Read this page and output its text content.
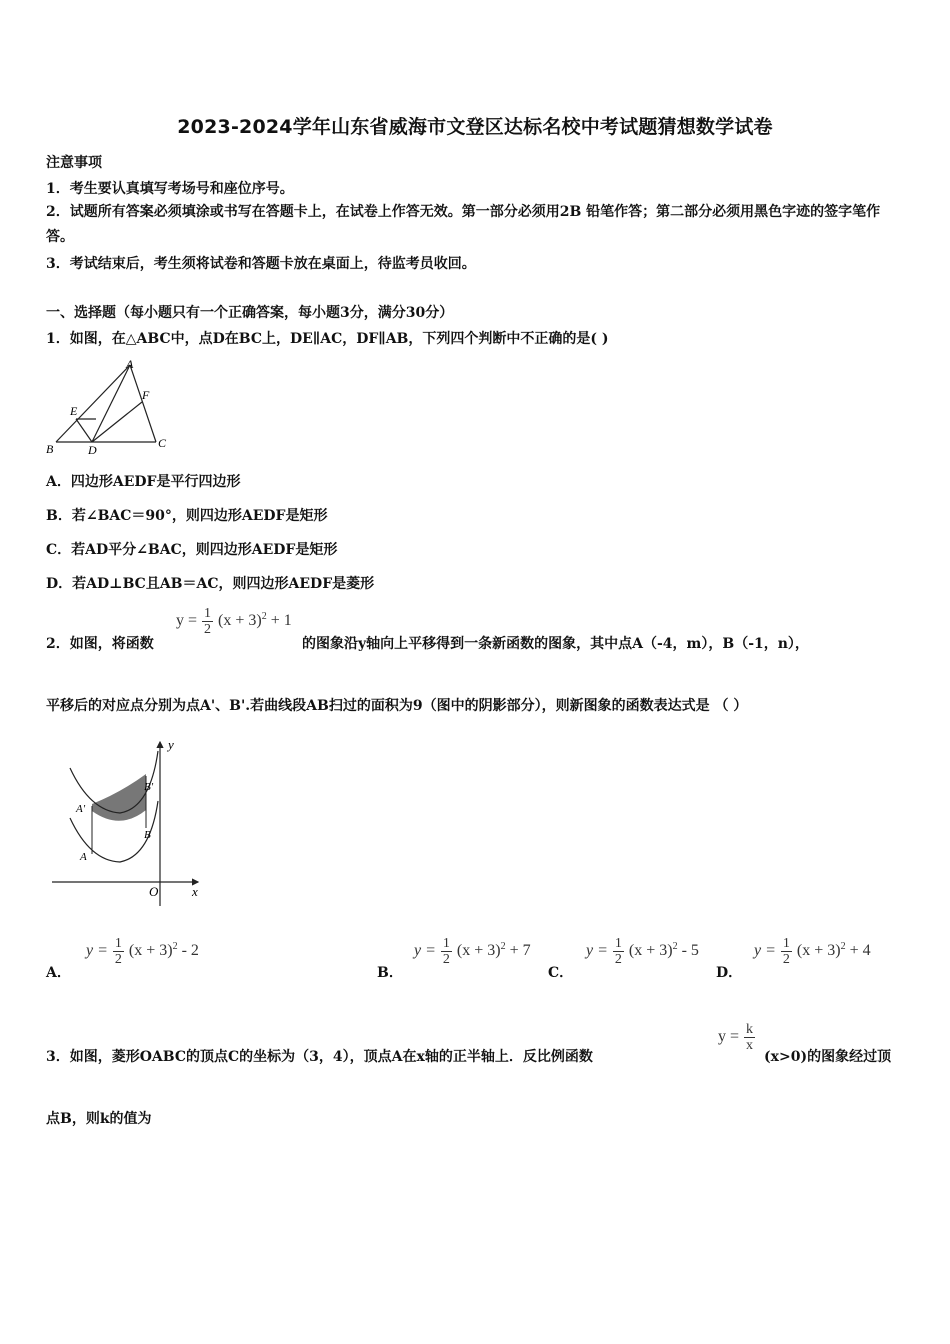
2023-2024学年山东省威海市文登区达标名校中考试题猜想数学试卷
注意事项
1．考生要认真填写考场号和座位序号。
2．试题所有答案必须填涂或书写在答题卡上，在试卷上作答无效。第一部分必须用2B 铅笔作答；第二部分必须用黑色字迹的签字笔作答。
3．考试结束后，考生须将试卷和答题卡放在桌面上，待监考员收回。
一、选择题（每小题只有一个正确答案，每小题3分，满分30分）
1．如图，在△ABC中，点D在BC上，DE∥AC，DF∥AB，下列四个判断中不正确的是( )
A
F
E
B	D	C
A．四边形AEDF是平行四边形
B．若∠BAC＝90°，则四边形AEDF是矩形
C．若AD平分∠BAC，则四边形AEDF是矩形
D．若AD⊥BC且AB＝AC，则四边形AEDF是菱形
2．如图，将函数
$y = \frac{1}{2} (x + 3)^2 + 1$
的图象沿y轴向上平移得到一条新函数的图象，其中点A（-4，m），B（-1，n），
平移后的对应点分别为点A'、B'.若曲线段AB扫过的面积为9（图中的阴影部分），则新图象的函数表达式是 （ ）
y
x
O
A'
B'
A
B
A．
$y = \frac{1}{2} (x + 3)^2 - 2$
B．
$y = \frac{1}{2} (x + 3)^2 + 7$
C．
$y = \frac{1}{2} (x + 3)^2 - 5$
D．
$y = \frac{1}{2} (x + 3)^2 + 4$
3．如图，菱形OABC的顶点C的坐标为（3，4），顶点A在x轴的正半轴上．反比例函数
$y = \frac{k}{x}$
(x>0)的图象经过顶
点B，则k的值为
